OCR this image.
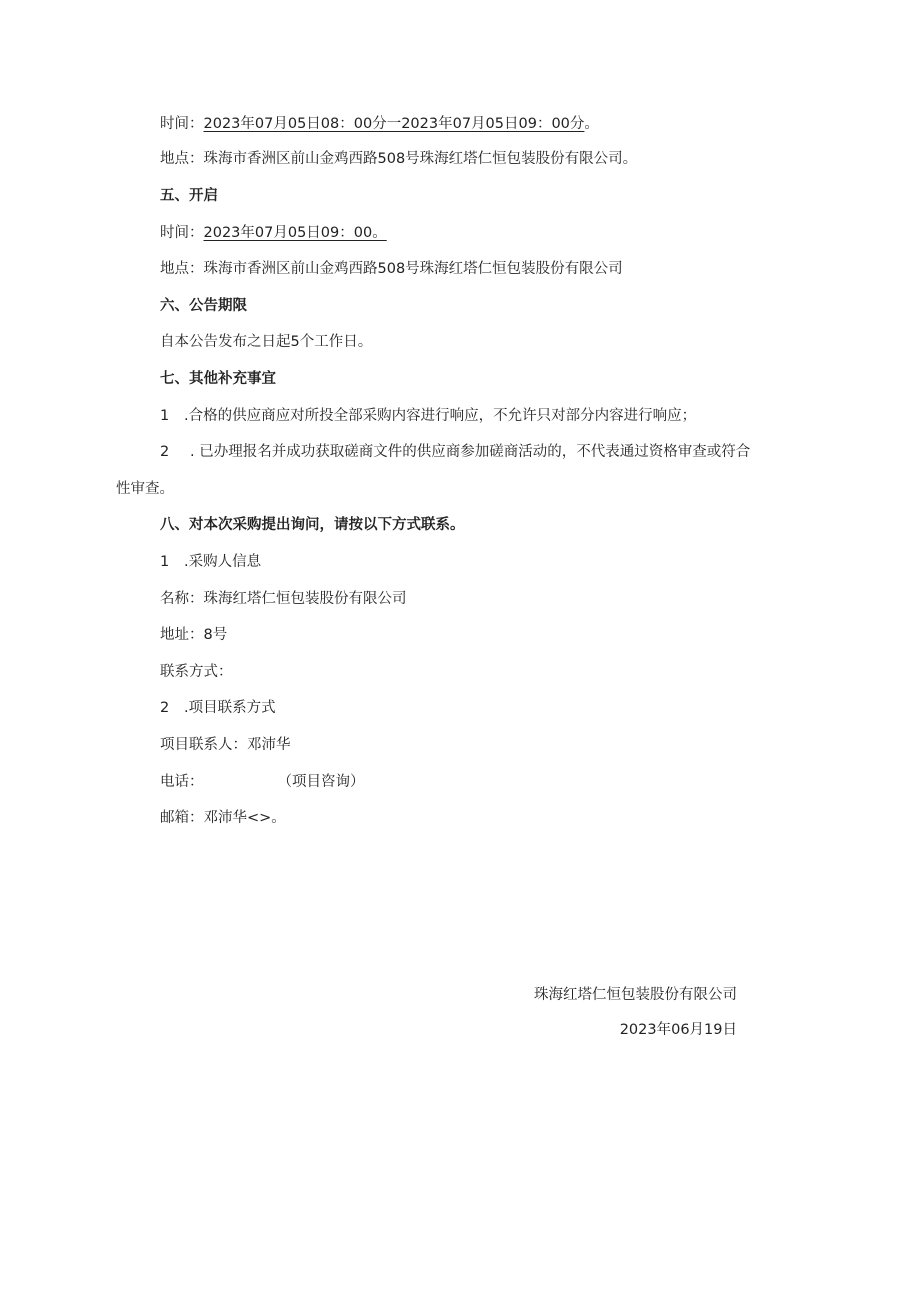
时间：2023年07月05日08：00分一2023年07月05日09：00分。
地点：珠海市香洲区前山金鸡西路508号珠海红塔仁恒包装股份有限公司。
五、开启
时间：2023年07月05日09：00。
地点：珠海市香洲区前山金鸡西路508号珠海红塔仁恒包装股份有限公司
六、公告期限
自本公告发布之日起5个工作日。
七、其他补充事宜
1 .合格的供应商应对所投全部采购内容进行响应，不允许只对部分内容进行响应；
2 . 已办理报名并成功获取磋商文件的供应商参加磋商活动的，不代表通过资格审查或符合
性审查。
八、对本次采购提出询问，请按以下方式联系。
1 .采购人信息
名称：珠海红塔仁恒包装股份有限公司
地址：8号
联系方式：
2 .项目联系方式
项目联系人：邓沛华
电话：	（项目咨询）
邮箱：邓沛华<>。
珠海红塔仁恒包装股份有限公司
2023年06月19日
